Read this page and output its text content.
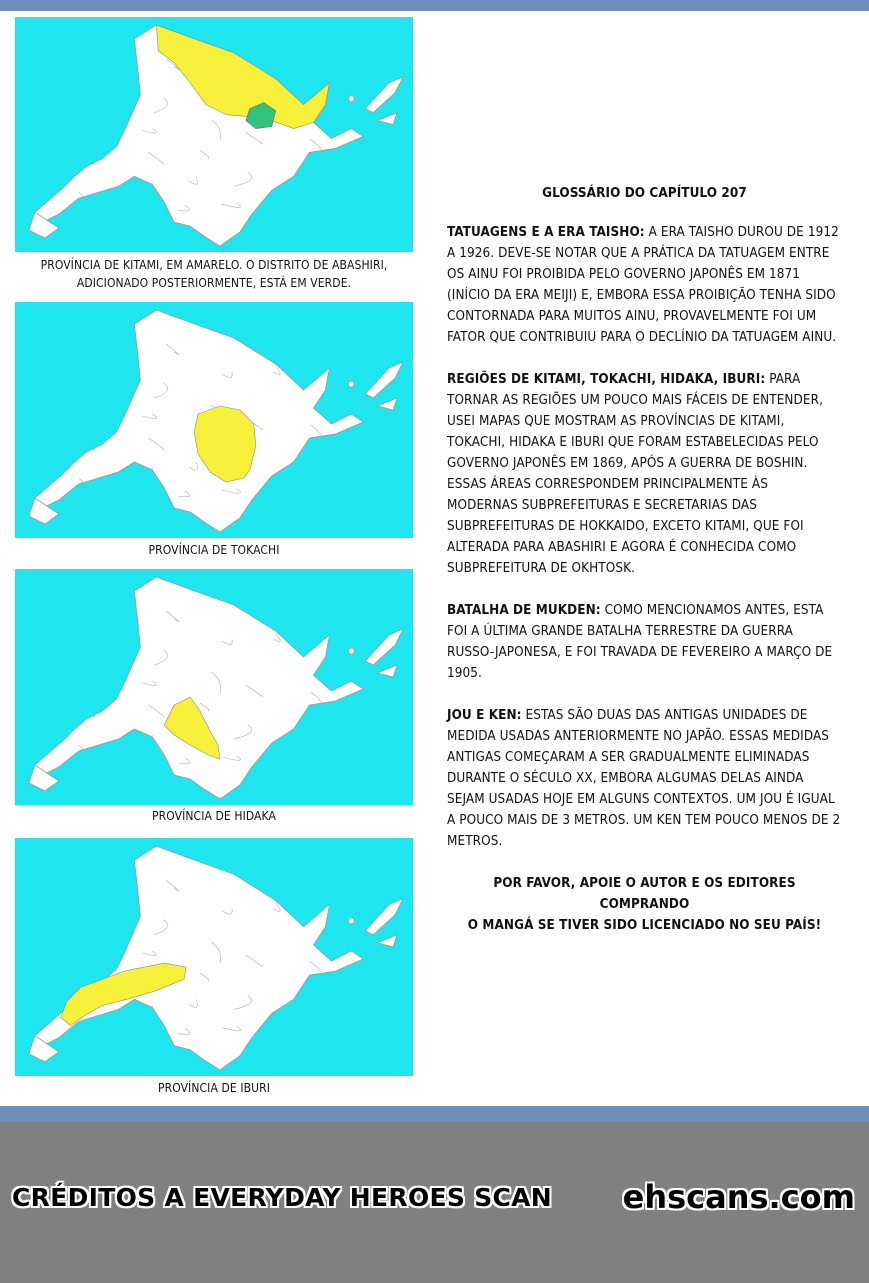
PROVÍNCIA DE KITAMI, EM AMARELO. O DISTRITO DE ABASHIRI,
ADICIONADO POSTERIORMENTE, ESTÁ EM VERDE.
PROVÍNCIA DE TOKACHI
PROVÍNCIA DE HIDAKA
PROVÍNCIA DE IBURI
GLOSSÁRIO DO CAPÍTULO 207

TATUAGENS E A ERA TAISHO: A ERA TAISHO DUROU DE 1912 A 1926. DEVE-SE NOTAR QUE A PRÁTICA DA TATUAGEM ENTRE OS AINU FOI PROIBIDA PELO GOVERNO JAPONÊS EM 1871 (INÍCIO DA ERA MEIJI) E, EMBORA ESSA PROIBIÇÃO TENHA SIDO CONTORNADA PARA MUITOS AINU, PROVAVELMENTE FOI UM FATOR QUE CONTRIBUIU PARA O DECLÍNIO DA TATUAGEM AINU.

REGIÕES DE KITAMI, TOKACHI, HIDAKA, IBURI: PARA TORNAR AS REGIÕES UM POUCO MAIS FÁCEIS DE ENTENDER, USEI MAPAS QUE MOSTRAM AS PROVÍNCIAS DE KITAMI, TOKACHI, HIDAKA E IBURI QUE FORAM ESTABELECIDAS PELO GOVERNO JAPONÊS EM 1869, APÓS A GUERRA DE BOSHIN. ESSAS ÁREAS CORRESPONDEM PRINCIPALMENTE ÀS MODERNAS SUBPREFEITURAS E SECRETARIAS DAS SUBPREFEITURAS DE HOKKAIDO, EXCETO KITAMI, QUE FOI ALTERADA PARA ABASHIRI E AGORA É CONHECIDA COMO SUBPREFEITURA DE OKHTOSK.

BATALHA DE MUKDEN: COMO MENCIONAMOS ANTES, ESTA FOI A ÚLTIMA GRANDE BATALHA TERRESTRE DA GUERRA RUSSO-JAPONESA, E FOI TRAVADA DE FEVEREIRO A MARÇO DE 1905.

JOU E KEN: ESTAS SÃO DUAS DAS ANTIGAS UNIDADES DE MEDIDA USADAS ANTERIORMENTE NO JAPÃO. ESSAS MEDIDAS ANTIGAS COMEÇARAM A SER GRADUALMENTE ELIMINADAS DURANTE O SÉCULO XX, EMBORA ALGUMAS DELAS AINDA SEJAM USADAS HOJE EM ALGUNS CONTEXTOS. UM JOU É IGUAL A POUCO MAIS DE 3 METROS. UM KEN TEM POUCO MENOS DE 2 METROS.

POR FAVOR, APOIE O AUTOR E OS EDITORES COMPRANDO
O MANGÁ SE TIVER SIDO LICENCIADO NO SEU PAÍS!
CRÉDITOS A EVERYDAY HEROES SCAN ehscans.com
